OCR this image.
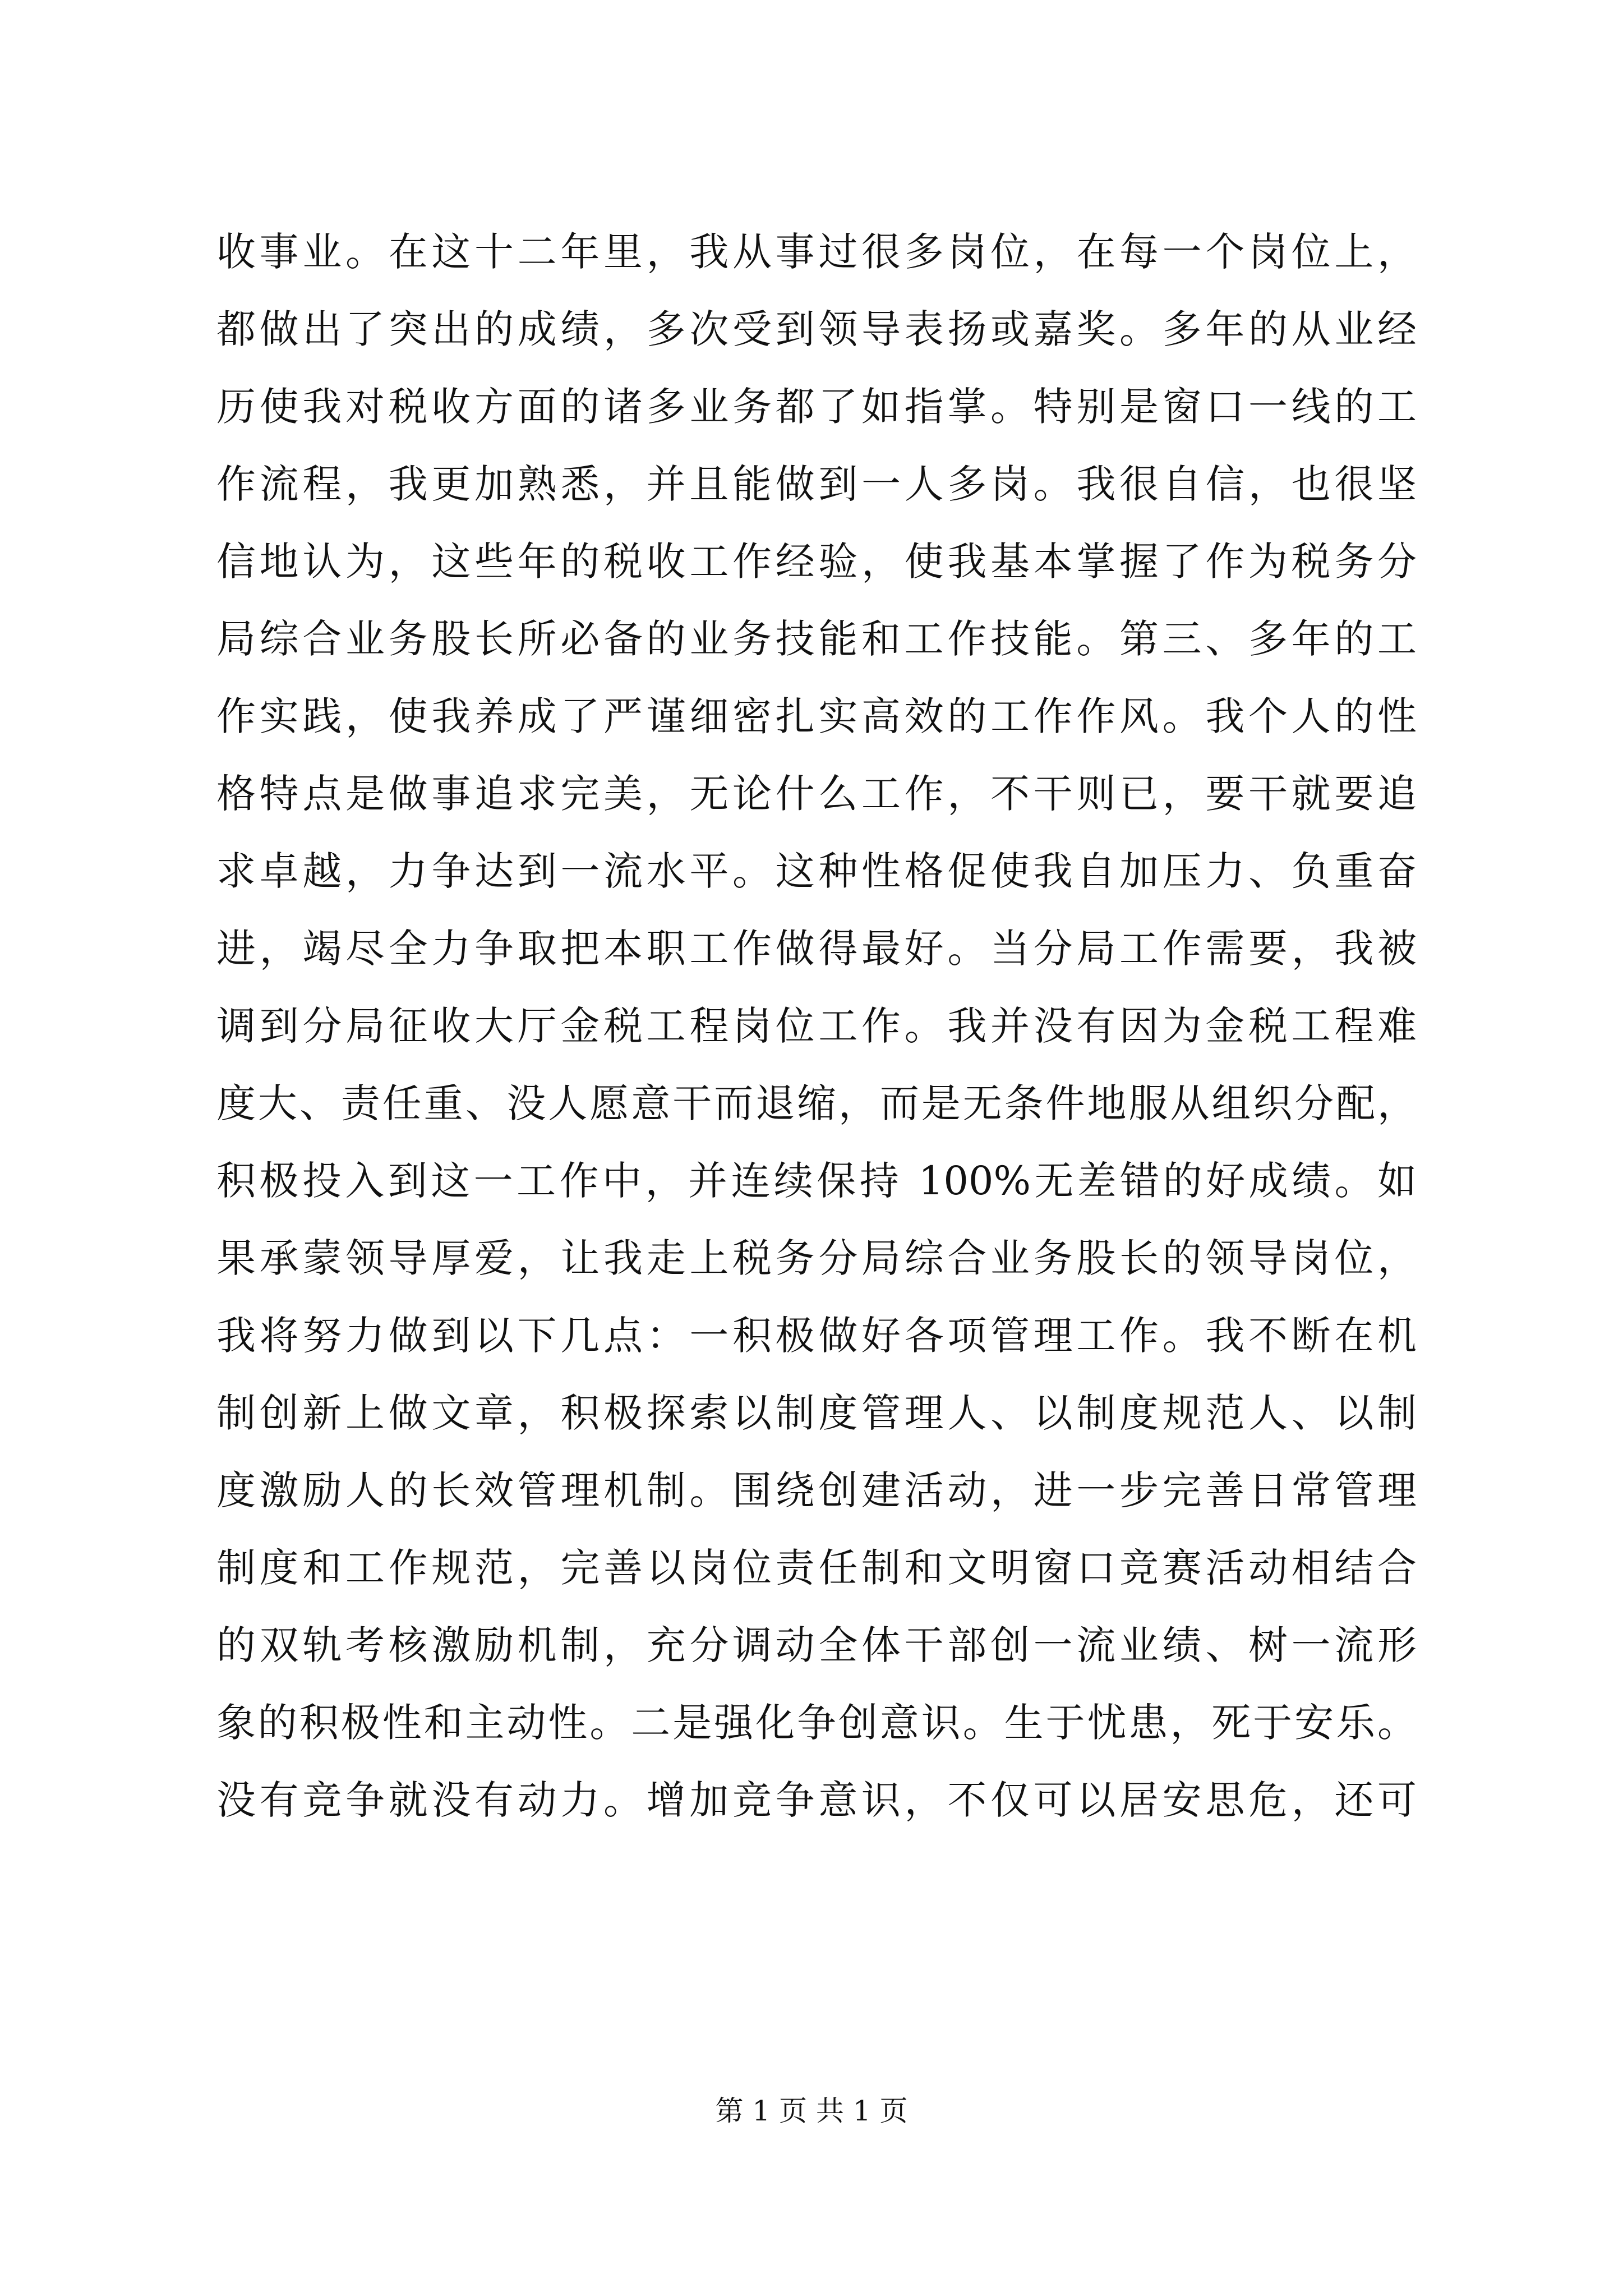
收事业。在这十二年里，我从事过很多岗位，在每一个岗位上，
都做出了突出的成绩，多次受到领导表扬或嘉奖。多年的从业经
历使我对税收方面的诸多业务都了如指掌。特别是窗口一线的工
作流程，我更加熟悉，并且能做到一人多岗。我很自信，也很坚
信地认为，这些年的税收工作经验，使我基本掌握了作为税务分
局综合业务股长所必备的业务技能和工作技能。第三、多年的工
作实践，使我养成了严谨细密扎实高效的工作作风。我个人的性
格特点是做事追求完美，无论什么工作，不干则已，要干就要追
求卓越，力争达到一流水平。这种性格促使我自加压力、负重奋
进，竭尽全力争取把本职工作做得最好。当分局工作需要，我被
调到分局征收大厅金税工程岗位工作。我并没有因为金税工程难
度大、责任重、没人愿意干而退缩，而是无条件地服从组织分配，
积极投入到这一工作中，并连续保持 100%无差错的好成绩。如
果承蒙领导厚爱，让我走上税务分局综合业务股长的领导岗位，
我将努力做到以下几点：一积极做好各项管理工作。我不断在机
制创新上做文章，积极探索以制度管理人、以制度规范人、以制
度激励人的长效管理机制。围绕创建活动，进一步完善日常管理
制度和工作规范，完善以岗位责任制和文明窗口竞赛活动相结合
的双轨考核激励机制，充分调动全体干部创一流业绩、树一流形
象的积极性和主动性。二是强化争创意识。生于忧患，死于安乐。
没有竞争就没有动力。增加竞争意识，不仅可以居安思危，还可
第 1 页 共 1 页
